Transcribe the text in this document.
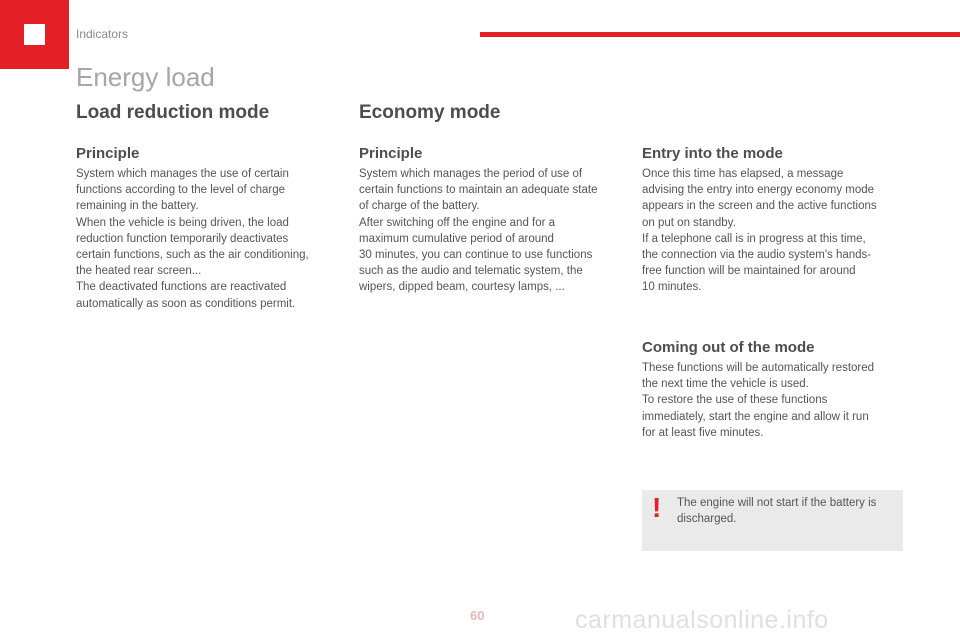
Indicators
Energy load
Load reduction mode
Principle
System which manages the use of certain
functions according to the level of charge
remaining in the battery.
When the vehicle is being driven, the load
reduction function temporarily deactivates
certain functions, such as the air conditioning,
the heated rear screen...
The deactivated functions are reactivated
automatically as soon as conditions permit.
Economy mode
Principle
System which manages the period of use of
certain functions to maintain an adequate state
of charge of the battery.
After switching off the engine and for a
maximum cumulative period of around
30 minutes, you can continue to use functions
such as the audio and telematic system, the
wipers, dipped beam, courtesy lamps, ...
Entry into the mode
Once this time has elapsed, a message
advising the entry into energy economy mode
appears in the screen and the active functions
on put on standby.
If a telephone call is in progress at this time,
the connection via the audio system's hands-
free function will be maintained for around
10 minutes.
Coming out of the mode
These functions will be automatically restored
the next time the vehicle is used.
To restore the use of these functions
immediately, start the engine and allow it run
for at least five minutes.
! The engine will not start if the battery is
discharged.
60	carmanualsonline.info
